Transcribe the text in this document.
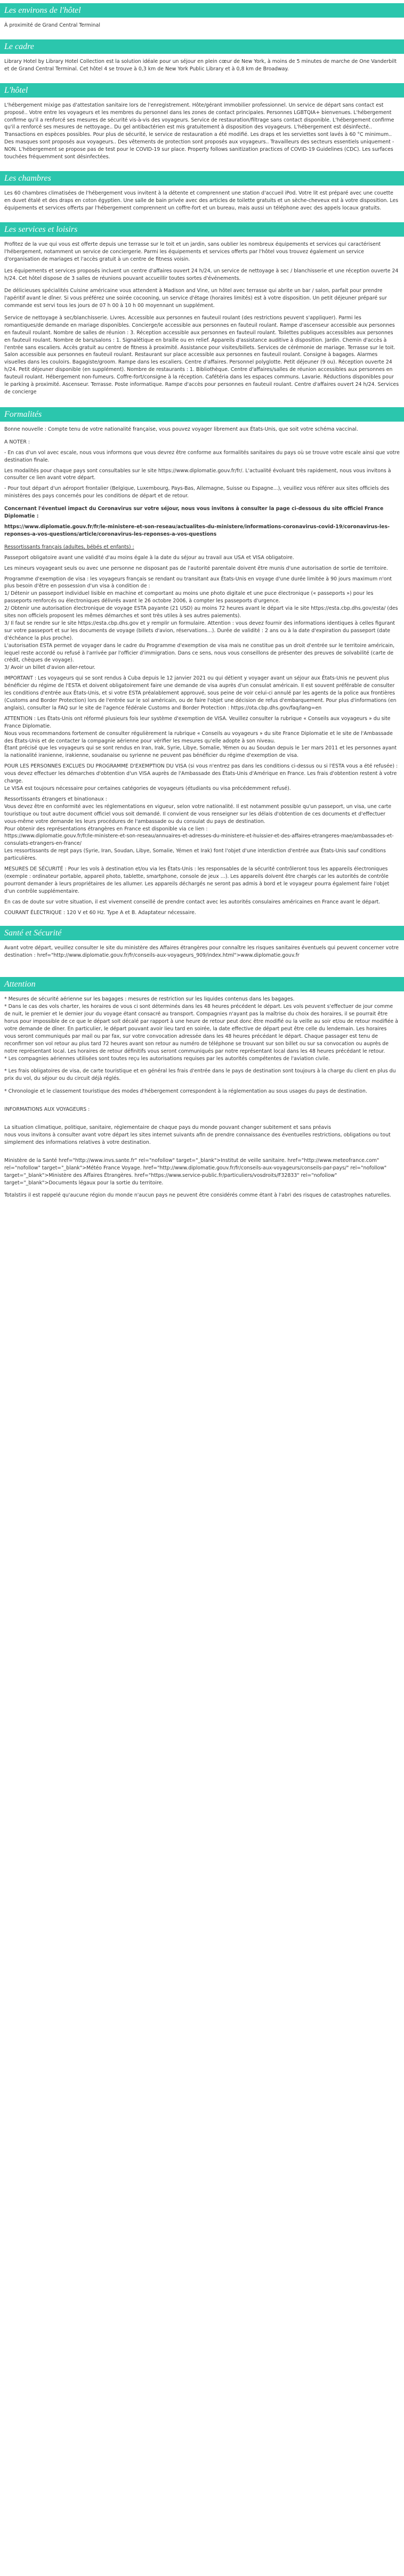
Les environs de l'hôtel

À proximité de Grand Central Terminal

Le cadre

Library Hotel by Library Hotel Collection est la solution idéale pour un séjour en plein cœur de New York, à moins de 5 minutes de marche de One Vanderbilt et de Grand Central Terminal. Cet hôtel 4 se trouve à 0,3 km de New York Public Library et à 0,8 km de Broadway.

L'hôtel

L'hébergement mixige pas d'attestation sanitaire lors de l'enregistrement. Hôte/gérant immobilier professionnel. Un service de départ sans contact est proposé.. Votre entre les voyageurs et les membres du personnel dans les zones de contact principales. Personnes LGBTQIA+ bienvenues. L'hébergement confirme qu'il a renforcé ses mesures de sécurité vis-à-vis des voyageurs. Service de restauration/filtrage sans contact disponible. L'hébergement confirme qu'il a renforcé ses mesures de nettoyage.. Du gel antibactérien est mis gratuitement à disposition des voyageurs. L'hébergement est désinfecté.. Transactions en espèces possibles. Pour plus de sécurité, le service de restauration a été modifié. Les draps et les serviettes sont lavés à 60 °C minimum.. Des masques sont proposés aux voyageurs.. Des vêtements de protection sont proposés aux voyageurs.. Travailleurs des secteurs essentiels uniquement - NON. L'hébergement se propose pas de test pour le COVID-19 sur place. Property follows sanitization practices of COVID-19 Guidelines (CDC). Les surfaces touchées fréquemment sont désinfectées.

Les chambres

Les 60 chambres climatisées de l'hébergement vous invitent à la détente et comprennent une station d'accueil iPod. Votre lit est préparé avec une couette en duvet étalé et des draps en coton égyptien. Une salle de bain privée avec des articles de toilette gratuits et un sèche-cheveux est à votre disposition. Les équipements et services offerts par l'hébergement comprennent un coffre-fort et un bureau, mais aussi un téléphone avec des appels locaux gratuits.

Les services et loisirs

Profitez de la vue qui vous est offerte depuis une terrasse sur le toit et un jardin, sans oublier les nombreux équipements et services qui caractérisent l'hébergement, notamment un service de conciergerie. Parmi les équipements et services offerts par l'hôtel vous trouvez également un service d'organisation de mariages et l'accès gratuit à un centre de fitness voisin.

Les équipements et services proposés incluent un centre d'affaires ouvert 24 h/24, un service de nettoyage à sec / blanchisserie et une réception ouverte 24 h/24. Cet hôtel dispose de 3 salles de réunions pouvant accueillir toutes sortes d'événements.

De délicieuses spécialités Cuisine américaine vous attendent à Madison and Vine, un hôtel avec terrasse qui abrite un bar / salon, parfait pour prendre l'apéritif avant le dîner. Si vous préférez une soirée cocooning, un service d'étage (horaires limités) est à votre disposition. Un petit déjeuner préparé sur commande est servi tous les jours de 07 h 00 à 10 h 00 moyennant un supplément.

Service de nettoyage à sec/blanchisserie. Livres. Accessible aux personnes en fauteuil roulant (des restrictions peuvent s'appliquer). Parmi les romantiques/de demande en mariage disponibles. Concierge/le accessible aux personnes en fauteuil roulant. Rampe d'ascenseur accessible aux personnes en fauteuil roulant. Nombre de salles de réunion : 3. Réception accessible aux personnes en fauteuil roulant. Toilettes publiques accessibles aux personnes en fauteuil roulant. Nombre de bars/salons : 1. Signalétique en braille ou en relief. Appareils d'assistance auditive à disposition. Jardin. Chemin d'accès à l'entrée sans escaliers. Accès gratuit au centre de fitness à proximité. Assistance pour visites/billets. Services de cérémonie de mariage. Terrasse sur le toit. Salon accessible aux personnes en fauteuil roulant. Restaurant sur place accessible aux personnes en fauteuil roulant. Consigne à bagages. Alarmes visuelles dans les couloirs. Bagagiste/groom. Rampe dans les escaliers. Centre d'affaires. Personnel polyglotte. Petit déjeuner (9 ou). Réception ouverte 24 h/24. Petit déjeuner disponible (en supplément). Nombre de restaurants : 1. Bibliothèque. Centre d'affaires/salles de réunion accessibles aux personnes en fauteuil roulant. Hébergement non-fumeurs. Coffre-fort/consigne à la réception. Cafétéria dans les espaces communs. Lavarie. Réductions disponibles pour le parking à proximité. Ascenseur. Terrasse. Poste informatique. Rampe d'accès pour personnes en fauteuil roulant. Centre d'affaires ouvert 24 h/24. Services de concierge

Formalités

Bonne nouvelle : Compte tenu de votre nationalité française, vous pouvez voyager librement aux États-Unis, que soit votre schéma vaccinal.

A NOTER :

- En cas d'un vol avec escale, nous vous informons que vous devrez être conforme aux formalités sanitaires du pays où se trouve votre escale ainsi que votre destination finale.

Les modalités pour chaque pays sont consultables sur le site https://www.diplomatie.gouv.fr/fr/. L'actualité évoluant très rapidement, nous vous invitons à consulter ce lien avant votre départ.

- Pour tout départ d'un aéroport frontalier (Belgique, Luxembourg, Pays-Bas, Allemagne, Suisse ou Espagne...), veuillez vous référer aux sites officiels des ministères des pays concernés pour les conditions de départ et de retour.

Concernant l'éventuel impact du Coronavirus sur votre séjour, nous vous invitons à consulter la page ci-dessous du site officiel France Diplomatie :

https://www.diplomatie.gouv.fr/fr/le-ministere-et-son-reseau/actualites-du-ministere/informations-coronavirus-covid-19/coronavirus-les-reponses-a-vos-questions/article/coronavirus-les-reponses-a-vos-questions

Ressortissants français (adultes, bébés et enfants) :

Passeport obligatoire avant une validité d'au moins égale à la date du séjour au travail aux USA et VISA obligatoire.

Les mineurs voyageant seuls ou avec une personne ne disposant pas de l'autorité parentale doivent être munis d'une autorisation de sortie de territoire.

Programme d'exemption de visa : les voyageurs français se rendant ou transitant aux États-Unis en voyage d'une durée limitée à 90 jours maximum n'ont plus besoin d'être en possession d'un visa à condition de :
1/ Détenir un passeport individuel lisible en machine et comportant au moins une photo digitale et une puce électronique (« passeports ») pour les passeports renforcés ou électroniques délivrés avant le 26 octobre 2006, à compter les passeports d'urgence.
2/ Obtenir une autorisation électronique de voyage ESTA payante (21 USD) au moins 72 heures avant le départ via le site https://esta.cbp.dhs.gov/esta/ (des sites non officiels proposent les mêmes démarches et sont très utiles à ses autres paiements).
3/ Il faut se rendre sur le site https://esta.cbp.dhs.gov et y remplir un formulaire. Attention : vous devez fournir des informations identiques à celles figurant sur votre passeport et sur les documents de voyage (billets d'avion, réservations...). Durée de validité : 2 ans ou à la date d'expiration du passeport (date d'échéance la plus proche).
L'autorisation ESTA permet de voyager dans le cadre du Programme d'exemption de visa mais ne constitue pas un droit d'entrée sur le territoire américain, lequel reste accordé ou refusé à l'arrivée par l'officier d'immigration. Dans ce sens, nous vous conseillons de présenter des preuves de solvabilité (carte de crédit, chèques de voyage).
3/ Avoir un billet d'avion aller-retour.

IMPORTANT : Les voyageurs qui se sont rendus à Cuba depuis le 12 janvier 2021 ou qui détient y voyager avant un séjour aux États-Unis ne peuvent plus bénéficier du régime de l'ESTA et doivent obligatoirement faire une demande de visa auprès d'un consulat américain. Il est souvent préférable de consulter les conditions d'entrée aux États-Unis, et si votre ESTA préalablement approuvé, sous peine de voir celui-ci annulé par les agents de la police aux frontières (Customs and Border Protection) lors de l'entrée sur le sol américain, ou de faire l'objet une décision de refus d'embarquement. Pour plus d'informations (en anglais), consulter la FAQ sur le site de l'agence fédérale Customs and Border Protection : https://ota.cbp.dhs.gov/faq/lang=en

ATTENTION : Les États-Unis ont réformé plusieurs fois leur système d'exemption de VISA. Veuillez consulter la rubrique « Conseils aux voyageurs » du site France Diplomatie.
Nous vous recommandons fortement de consulter régulièrement la rubrique « Conseils au voyageurs » du site France Diplomatie et le site de l'Ambassade des États-Unis et de contacter la compagnie aérienne pour vérifier les mesures qu'elle adopte à son niveau.
Étant précisé que les voyageurs qui se sont rendus en Iran, Irak, Syrie, Libye, Somalie, Yémen ou au Soudan depuis le 1er mars 2011 et les personnes ayant la nationalité iranienne, irakienne, soudanaise ou syrienne ne peuvent pas bénéficier du régime d'exemption de visa.

POUR LES PERSONNES EXCLUES DU PROGRAMME D'EXEMPTION DU VISA (si vous n'entrez pas dans les conditions ci-dessus ou si l'ESTA vous a été refusée) : vous devez effectuer les démarches d'obtention d'un VISA auprès de l'Ambassade des États-Unis d'Amérique en France. Les frais d'obtention restent à votre charge.
Le VISA est toujours nécessaire pour certaines catégories de voyageurs (étudiants ou visa précédemment refusé).

Ressortissants étrangers et binationaux :
Vous devez être en conformité avec les réglementations en vigueur, selon votre nationalité. Il est notamment possible qu'un passeport, un visa, une carte touristique ou tout autre document officiel vous soit demandé. Il convient de vous renseigner sur les délais d'obtention de ces documents et d'effectuer vous-même votre demande les leurs procédures de l'ambassade ou du consulat du pays de destination.
Pour obtenir des représentations étrangères en France est disponible via ce lien :
https://www.diplomatie.gouv.fr/fr/le-ministere-et-son-reseau/annuaires-et-adresses-du-ministere-et-huissier-et-des-affaires-etrangeres-mae/ambassades-et-consulats-etrangers-en-france/
Les ressortissants de rept pays (Syrie, Iran, Soudan, Libye, Somalie, Yémen et Irak) font l'objet d'une interdiction d'entrée aux États-Unis sauf conditions particulières.

MESURES DE SÉCURITÉ : Pour les vols à destination et/ou via les États-Unis : les responsables de la sécurité contrôleront tous les appareils électroniques (exemple : ordinateur portable, appareil photo, tablette, smartphone, console de jeux ...). Les appareils doivent être chargés car les autorités de contrôle pourront demander à leurs propriétaires de les allumer. Les appareils déchargés ne seront pas admis à bord et le voyageur pourra également faire l'objet d'un contrôle supplémentaire.

En cas de doute sur votre situation, il est vivement conseillé de prendre contact avec les autorités consulaires américaines en France avant le départ.

COURANT ÉLECTRIQUE : 120 V et 60 Hz. Type A et B. Adaptateur nécessaire.

Santé et Sécurité

Avant votre départ, veuillez consulter le site du ministère des Affaires étrangères pour connaître les risques sanitaires éventuels qui peuvent concerner votre destination : href="http://www.diplomatie.gouv.fr/fr/conseils-aux-voyageurs_909/index.html">www.diplomatie.gouv.fr

Attention

* Mesures de sécurité aérienne sur les bagages : mesures de restriction sur les liquides contenus dans les bagages.
* Dans le cas des vols charter, les horaires de vous ci sont déterminés dans les 48 heures précédent le départ. Les vols peuvent s'effectuer de jour comme de nuit, le premier et le dernier jour du voyage étant consacré au transport. Compagnies n'ayant pas la maîtrise du choix des horaires, il se pourrait être horus pour impossible de ce que le départ soit décalé par rapport à une heure de retour peut donc être modifié ou la veille au soir et/ou de retour modifiée à votre demande de dîner. En particulier, le départ pouvant avoir lieu tard en soirée, la date effective de départ peut être celle du lendemain. Les horaires vous seront communiqués par mail ou par fax, sur votre convocation adressée dans les 48 heures précédant le départ. Chaque passager est tenu de reconfirmer son vol retour au plus tard 72 heures avant son retour au numéro de téléphone se trouvant sur son billet ou sur sa convocation ou auprès de notre représentant local. Les horaires de retour définitifs vous seront communiqués par notre représentant local dans les 48 heures précédant le retour.
* Les compagnies aériennes utilisées sont toutes reçu les autorisations requises par les autorités compétentes de l'aviation civile.

* Les frais obligatoires de visa, de carte touristique et en général les frais d'entrée dans le pays de destination sont toujours à la charge du client en plus du prix du vol, du séjour ou du circuit déjà réglés.

* Chronologie et le classement touristique des modes d'hébergement correspondent à la réglementation au sous usages du pays de destination.

INFORMATIONS AUX VOYAGEURS :

La situation climatique, politique, sanitaire, réglementaire de chaque pays du monde pouvant changer subitement et sans préavis
nous vous invitons à consulter avant votre départ les sites internet suivants afin de prendre connaissance des éventuelles restrictions, obligations ou tout simplement des informations relatives à votre destination.

Ministère de la Santé href="http://www.invs.sante.fr" rel="nofollow" target="_blank">Institut de veille sanitaire. href="http://www.meteofrance.com" rel="nofollow" target="_blank">Météo France Voyage. href="http://www.diplomatie.gouv.fr/fr/conseils-aux-voyageurs/conseils-par-pays/" rel="nofollow" target="_blank">Ministère des Affaires Étrangères. href="https://www.service-public.fr/particuliers/vosdroits/F32833" rel="nofollow" target="_blank">Documents légaux pour la sortie du territoire.

Totalstirs il est rappelé qu'aucune région du monde n'aucun pays ne peuvent être considérés comme étant à l'abri des risques de catastrophes naturelles.
